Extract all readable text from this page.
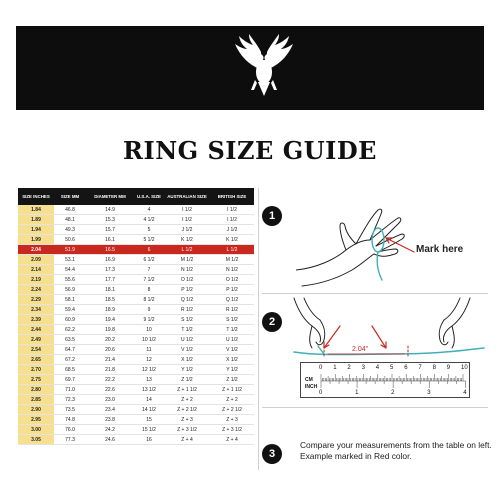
RING SIZE GUIDE
SIZE INCHES	SIZE MM	DIAMETER MM	U.S.A. SIZE	AUSTRALIAN SIZE	BRITISH SIZE
1.84	46.8	14.9	4	I 1/2	I 1/2
1.89	48.1	15.3	4 1/2	I 1/2	I 1/2
1.94	49.3	15.7	5	J 1/2	J 1/2
1.99	50.6	16.1	5 1/2	K 1/2	K 1/2
2.04	51.9	16.5	6	L 1/2	L 1/2
2.09	53.1	16.9	6 1/2	M 1/2	M 1/2
2.14	54.4	17.3	7	N 1/2	N 1/2
2.19	55.6	17.7	7 1/2	O 1/2	O 1/2
2.24	56.9	18.1	8	P 1/2	P 1/2
2.29	58.1	18.5	8 1/2	Q 1/2	Q 1/2
2.34	59.4	18.9	9	R 1/2	R 1/2
2.39	60.9	19.4	9 1/2	S 1/2	S 1/2
2.44	62.2	19.8	10	T 1/2	T 1/2
2.49	63.5	20.2	10 1/2	U 1/2	U 1/2
2.54	64.7	20.6	11	V 1/2	V 1/2
2.65	67.2	21.4	12	X 1/2	X 1/2
2.70	68.5	21.8	12 1/2	Y 1/2	Y 1/2
2.75	69.7	22.2	13	Z 1/2	Z 1/2
2.80	71.0	22.6	13 1/2	Z + 1 1/2	Z + 1 1/2
2.85	72.3	23.0	14	Z + 2	Z + 2
2.90	73.5	23.4	14 1/2	Z + 2 1/2	Z + 2 1/2
2.95	74.8	23.8	15	Z + 3	Z + 3
3.00	76.0	24.2	15 1/2	Z + 3 1/2	Z + 3 1/2
3.05	77.3	24.6	16	Z + 4	Z + 4
1
Mark here
2
2.04"
CM
INCH
0 1 2 3 4 5 6 7 8 9 10
0	1	2	3	4
3
Compare your measurements from the table on left. Example marked in Red color.
